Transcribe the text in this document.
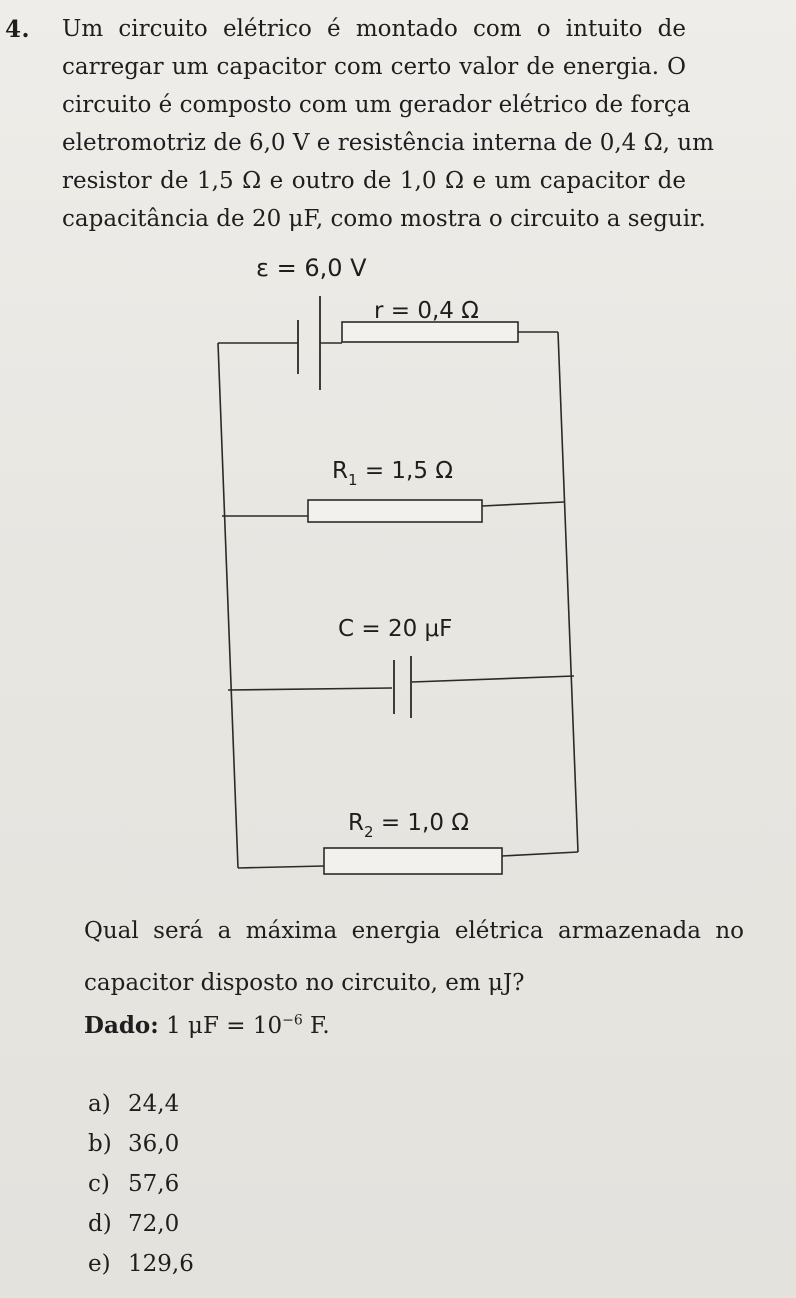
4. Um circuito elétrico é montado com o intuito de
carregar um capacitor com certo valor de energia. O
circuito é composto com um gerador elétrico de força
eletromotriz de 6,0 V e resistência interna de 0,4 Ω, um
resistor de 1,5 Ω e outro de 1,0 Ω e um capacitor de
capacitância de 20 μF, como mostra o circuito a seguir.
ε = 6,0 V
r = 0,4 Ω
$R_1 = 1,5$ Ω
C = 20 μF
$R_2 = 1,0$ Ω
Qual será a máxima energia elétrica armazenada no
capacitor disposto no circuito, em μJ?
Dado: 1 $\mu F = 10^{-6}$ F.
a) 24,4
b) 36,0
c) 57,6
d) 72,0
e) 129,6
